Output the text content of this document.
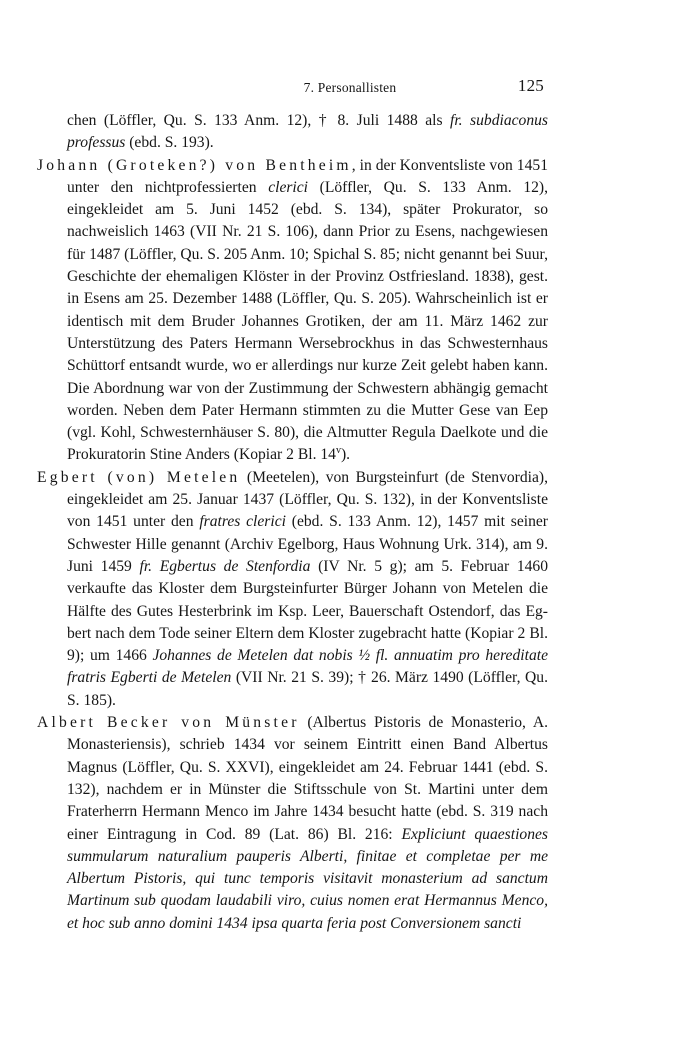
7. Personallisten	125

chen (Löffler, Qu. S. 133 Anm. 12), † 8. Juli 1488 als fr. subdiaconus professus (ebd. S. 193).

Johann (Groteken?) von Bentheim, in der Konventsliste von 1451 unter den nichtprofessierten clerici (Löffler, Qu. S. 133 Anm. 12), eingekleidet am 5. Juni 1452 (ebd. S. 134), später Prokurator, so nachweislich 1463 (VII Nr. 21 S. 106), dann Prior zu Esens, nachgewiesen für 1487 (Löffler, Qu. S. 205 Anm. 10; Spichal S. 85; nicht genannt bei Suur, Geschichte der ehemaligen Klöster in der Provinz Ostfriesland. 1838), gest. in Esens am 25. Dezember 1488 (Löffler, Qu. S. 205). Wahrscheinlich ist er identisch mit dem Bruder Johannes Grotiken, der am 11. März 1462 zur Unterstützung des Paters Hermann Wersebrockhus in das Schwesternhaus Schüttorf entsandt wurde, wo er allerdings nur kurze Zeit gelebt haben kann. Die Abordnung war von der Zustimmung der Schwestern abhängig gemacht worden. Neben dem Pater Hermann stimmten zu die Mutter Gese van Eep (vgl. Kohl, Schwesternhäuser S. 80), die Altmutter Regula Daelkote und die Prokuratorin Stine Anders (Kopiar 2 Bl. 14$^v$).

Egbert (von) Metelen (Meetelen), von Burgsteinfurt (de Stenvordia), eingekleidet am 25. Januar 1437 (Löffler, Qu. S. 132), in der Konventsliste von 1451 unter den fratres clerici (ebd. S. 133 Anm. 12), 1457 mit seiner Schwester Hille genannt (Archiv Egelborg, Haus Wohnung Urk. 314), am 9. Juni 1459 fr. Egbertus de Stenfordia (IV Nr. 5 g); am 5. Februar 1460 verkaufte das Kloster dem Burgsteinfurter Bürger Johann von Metelen die Hälfte des Gutes Hesterbrink im Ksp. Leer, Bauerschaft Ostendorf, das Egbert nach dem Tode seiner Eltern dem Kloster zugebracht hatte (Kopiar 2 Bl. 9); um 1466 Johannes de Metelen dat nobis ½ fl. annuatim pro hereditate fratris Egberti de Metelen (VII Nr. 21 S. 39); † 26. März 1490 (Löffler, Qu. S. 185).

Albert Becker von Münster (Albertus Pistoris de Monasterio, A. Monasteriensis), schrieb 1434 vor seinem Eintritt einen Band Albertus Magnus (Löffler, Qu. S. XXVI), eingekleidet am 24. Februar 1441 (ebd. S. 132), nachdem er in Münster die Stiftsschule von St. Martini unter dem Fraterherrn Hermann Menco im Jahre 1434 besucht hatte (ebd. S. 319 nach einer Eintragung in Cod. 89 (Lat. 86) Bl. 216: Expliciunt quaestiones summularum naturalium pauperis Alberti, finitae et completae per me Albertum Pistoris, qui tunc temporis visitavit monasterium ad sanctum Martinum sub quodam laudabili viro, cuius nomen erat Hermannus Menco, et hoc sub anno domini 1434 ipsa quarta feria post Conversionem sancti
